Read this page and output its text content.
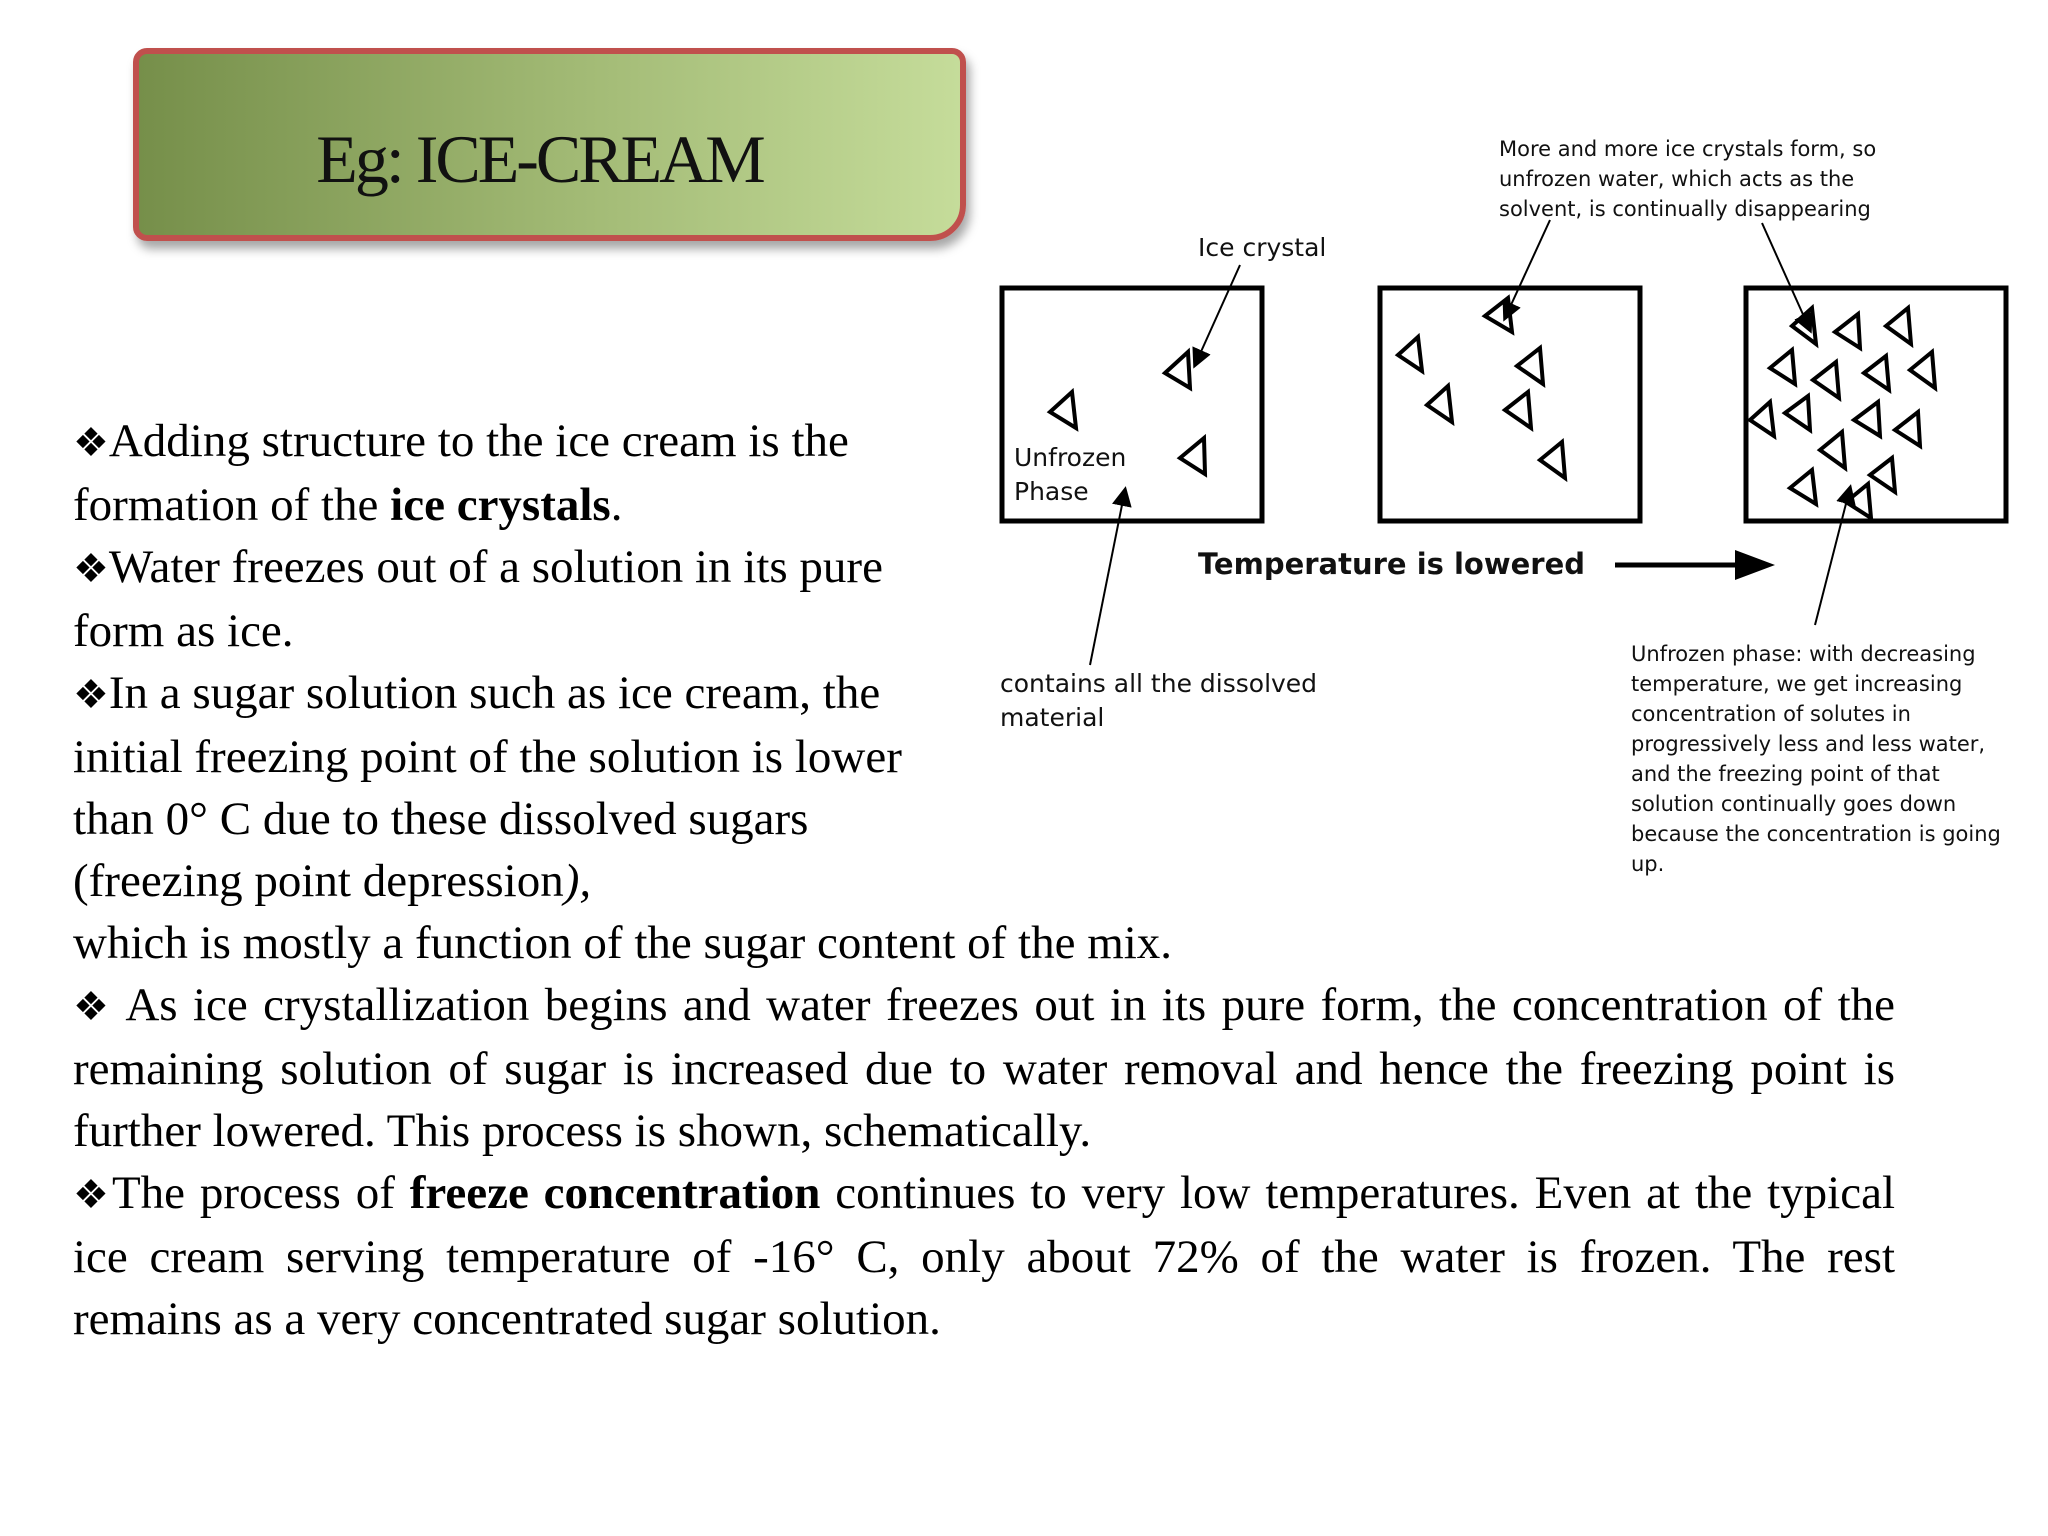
Eg: ICE-CREAM

❖Adding structure to the ice cream is the formation of the ice crystals.

❖Water freezes out of a solution in its pure form as ice.

❖In a sugar solution such as ice cream, the initial freezing point of the solution is lower than 0° C due to these dissolved sugars (freezing point depression),

which is mostly a function of the sugar content of the mix.

❖ As ice crystallization begins and water freezes out in its pure form, the concentration of the remaining solution of sugar is increased due to water removal and hence the freezing point is further lowered. This process is shown, schematically.

❖The process of freeze concentration continues to very low temperatures. Even at the typical ice cream serving temperature of -16° C, only about 72% of the water is frozen. The rest remains as a very concentrated sugar solution.

Ice crystal
Unfrozen
Phase
Temperature is lowered
contains all the dissolved
material
More and more ice crystals form, so
unfrozen water, which acts as the
solvent, is continually disappearing
Unfrozen phase: with decreasing
temperature, we get increasing
concentration of solutes in
progressively less and less water,
and the freezing point of that
solution continually goes down
because the concentration is going
up.
